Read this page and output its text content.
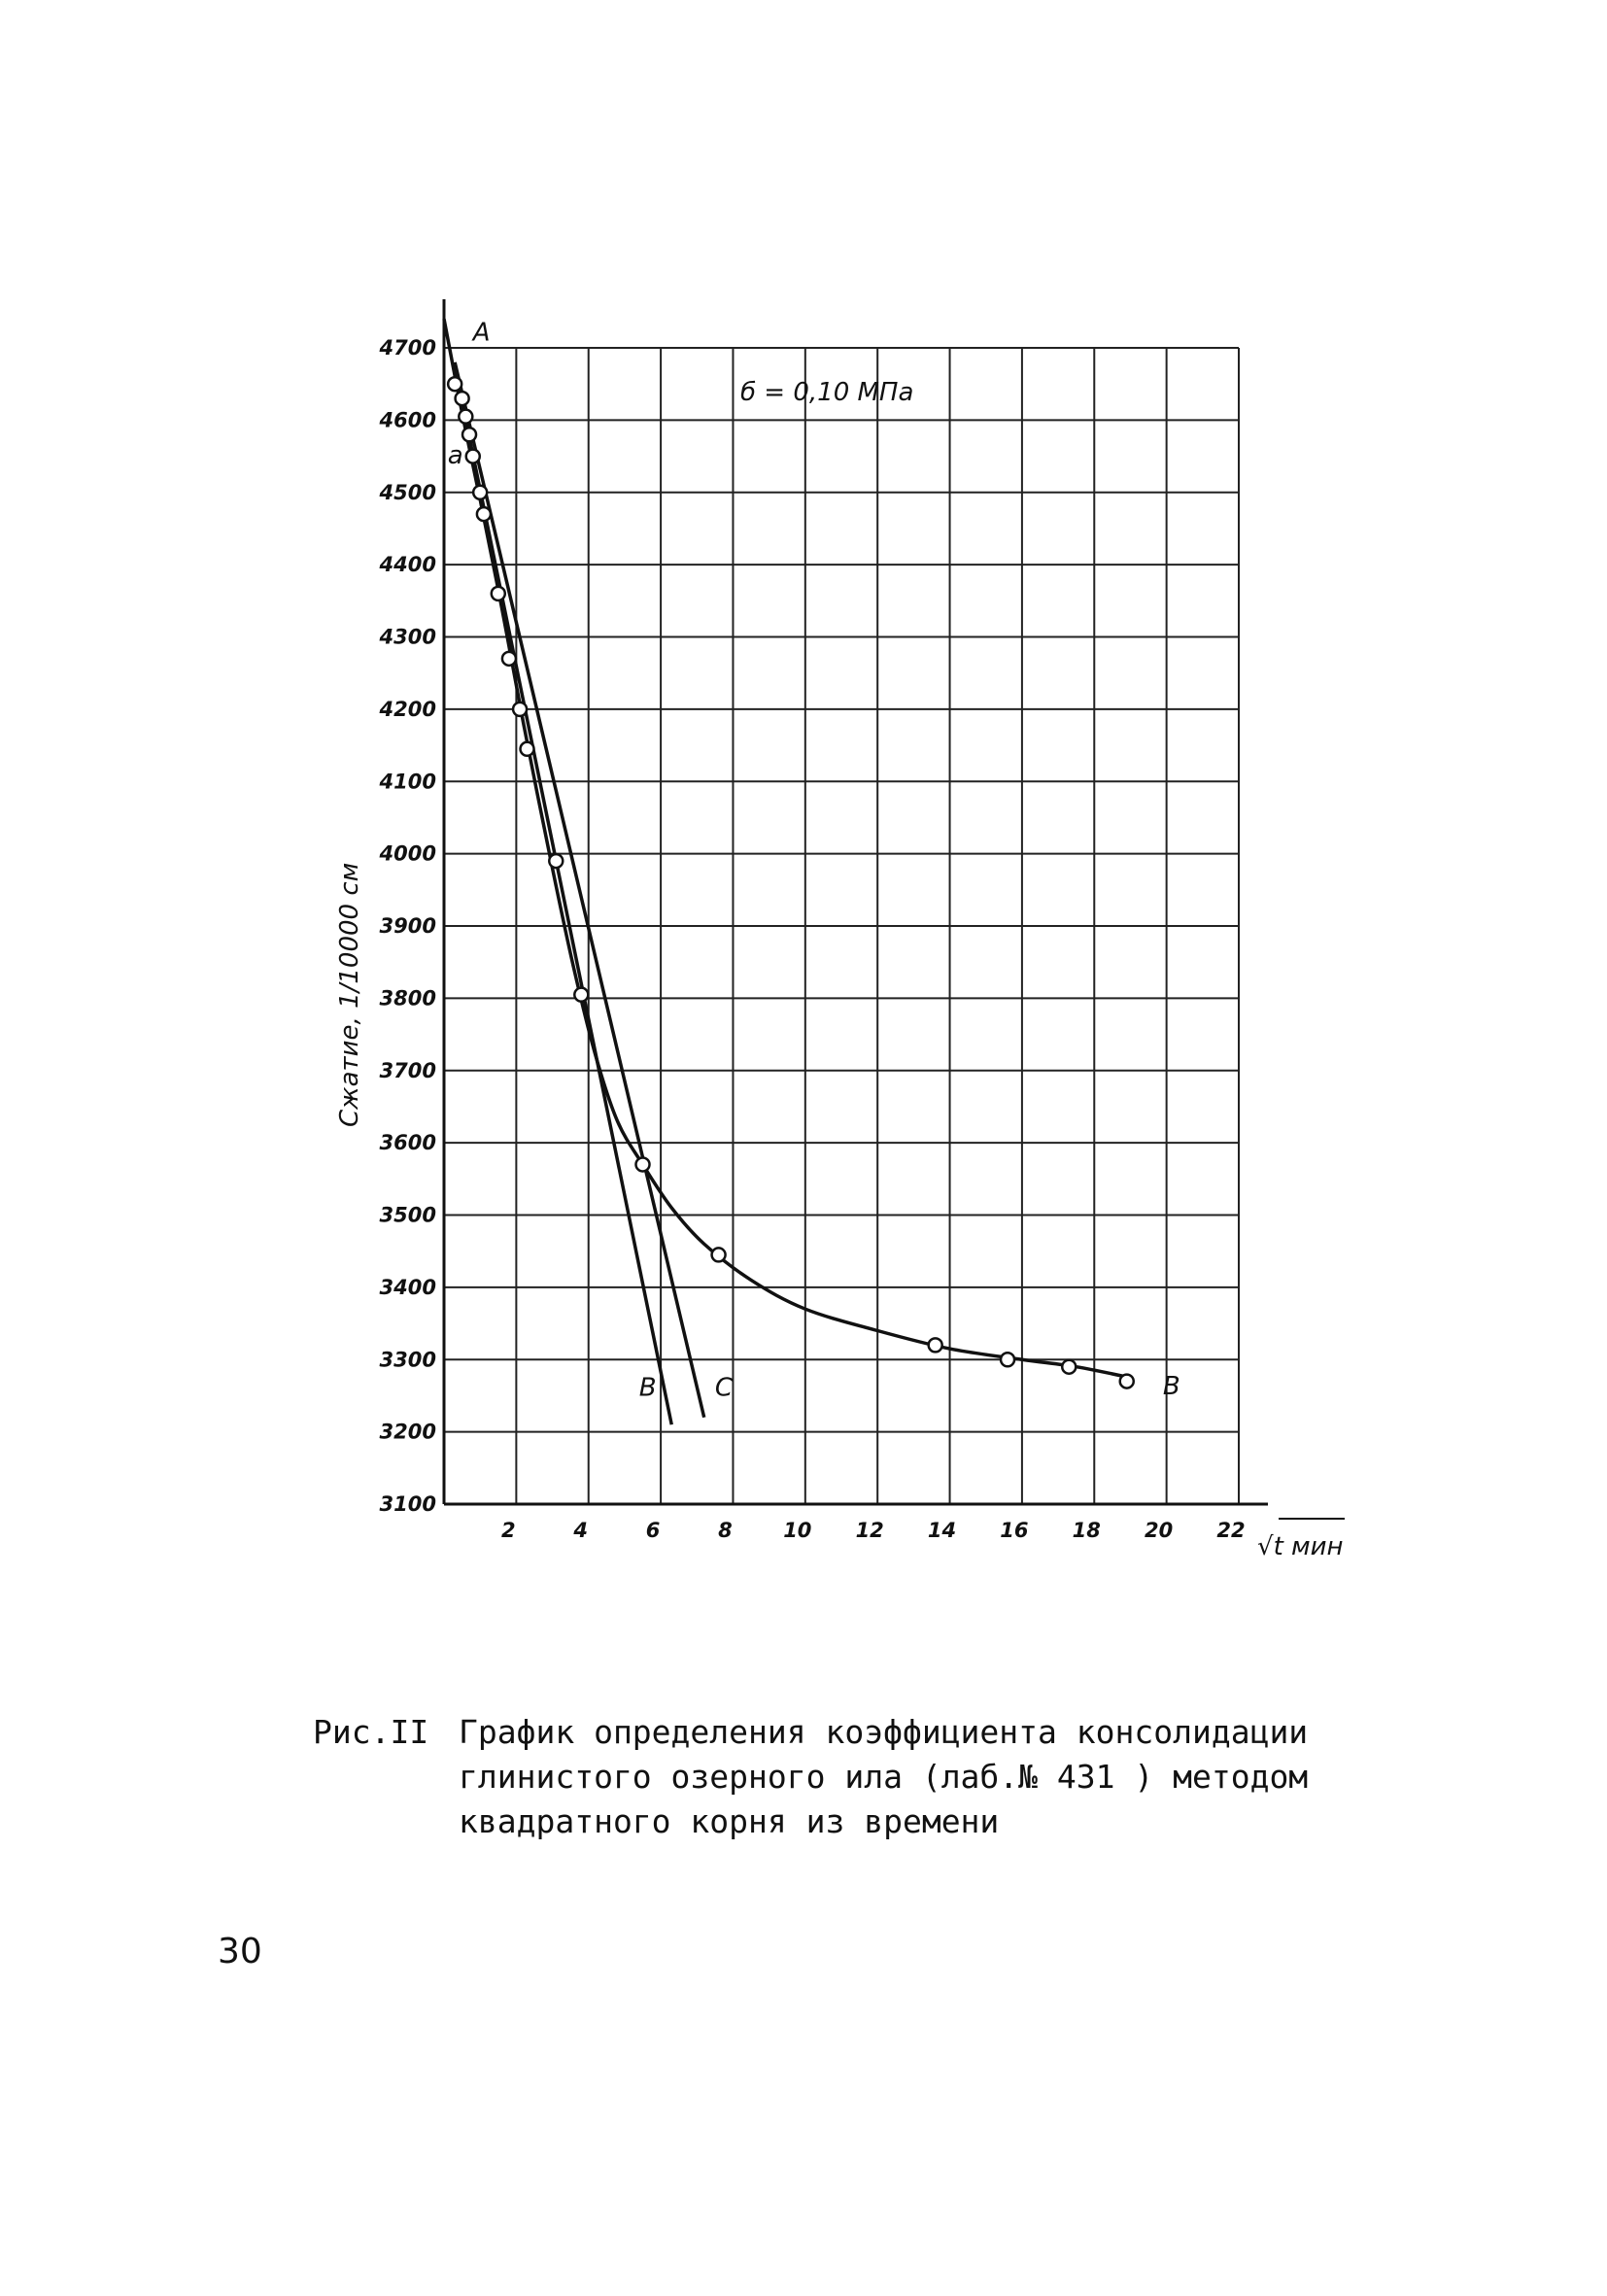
2	4	6	8 10 12 14 16 18 20 22
3100
3200
3300
3400
3500
3600
3700
3800
3900
4000
4100
4200
4300
4400
4500
4600
4700
A
a
B C	B
б = 0,10 МПа
√t мин
Сжатие, 1/10000 см
Рис.II График определения коэффициента консолидации
глинистого озерного ила (лаб.№ 431 ) методом
квадратного корня из времени
30
